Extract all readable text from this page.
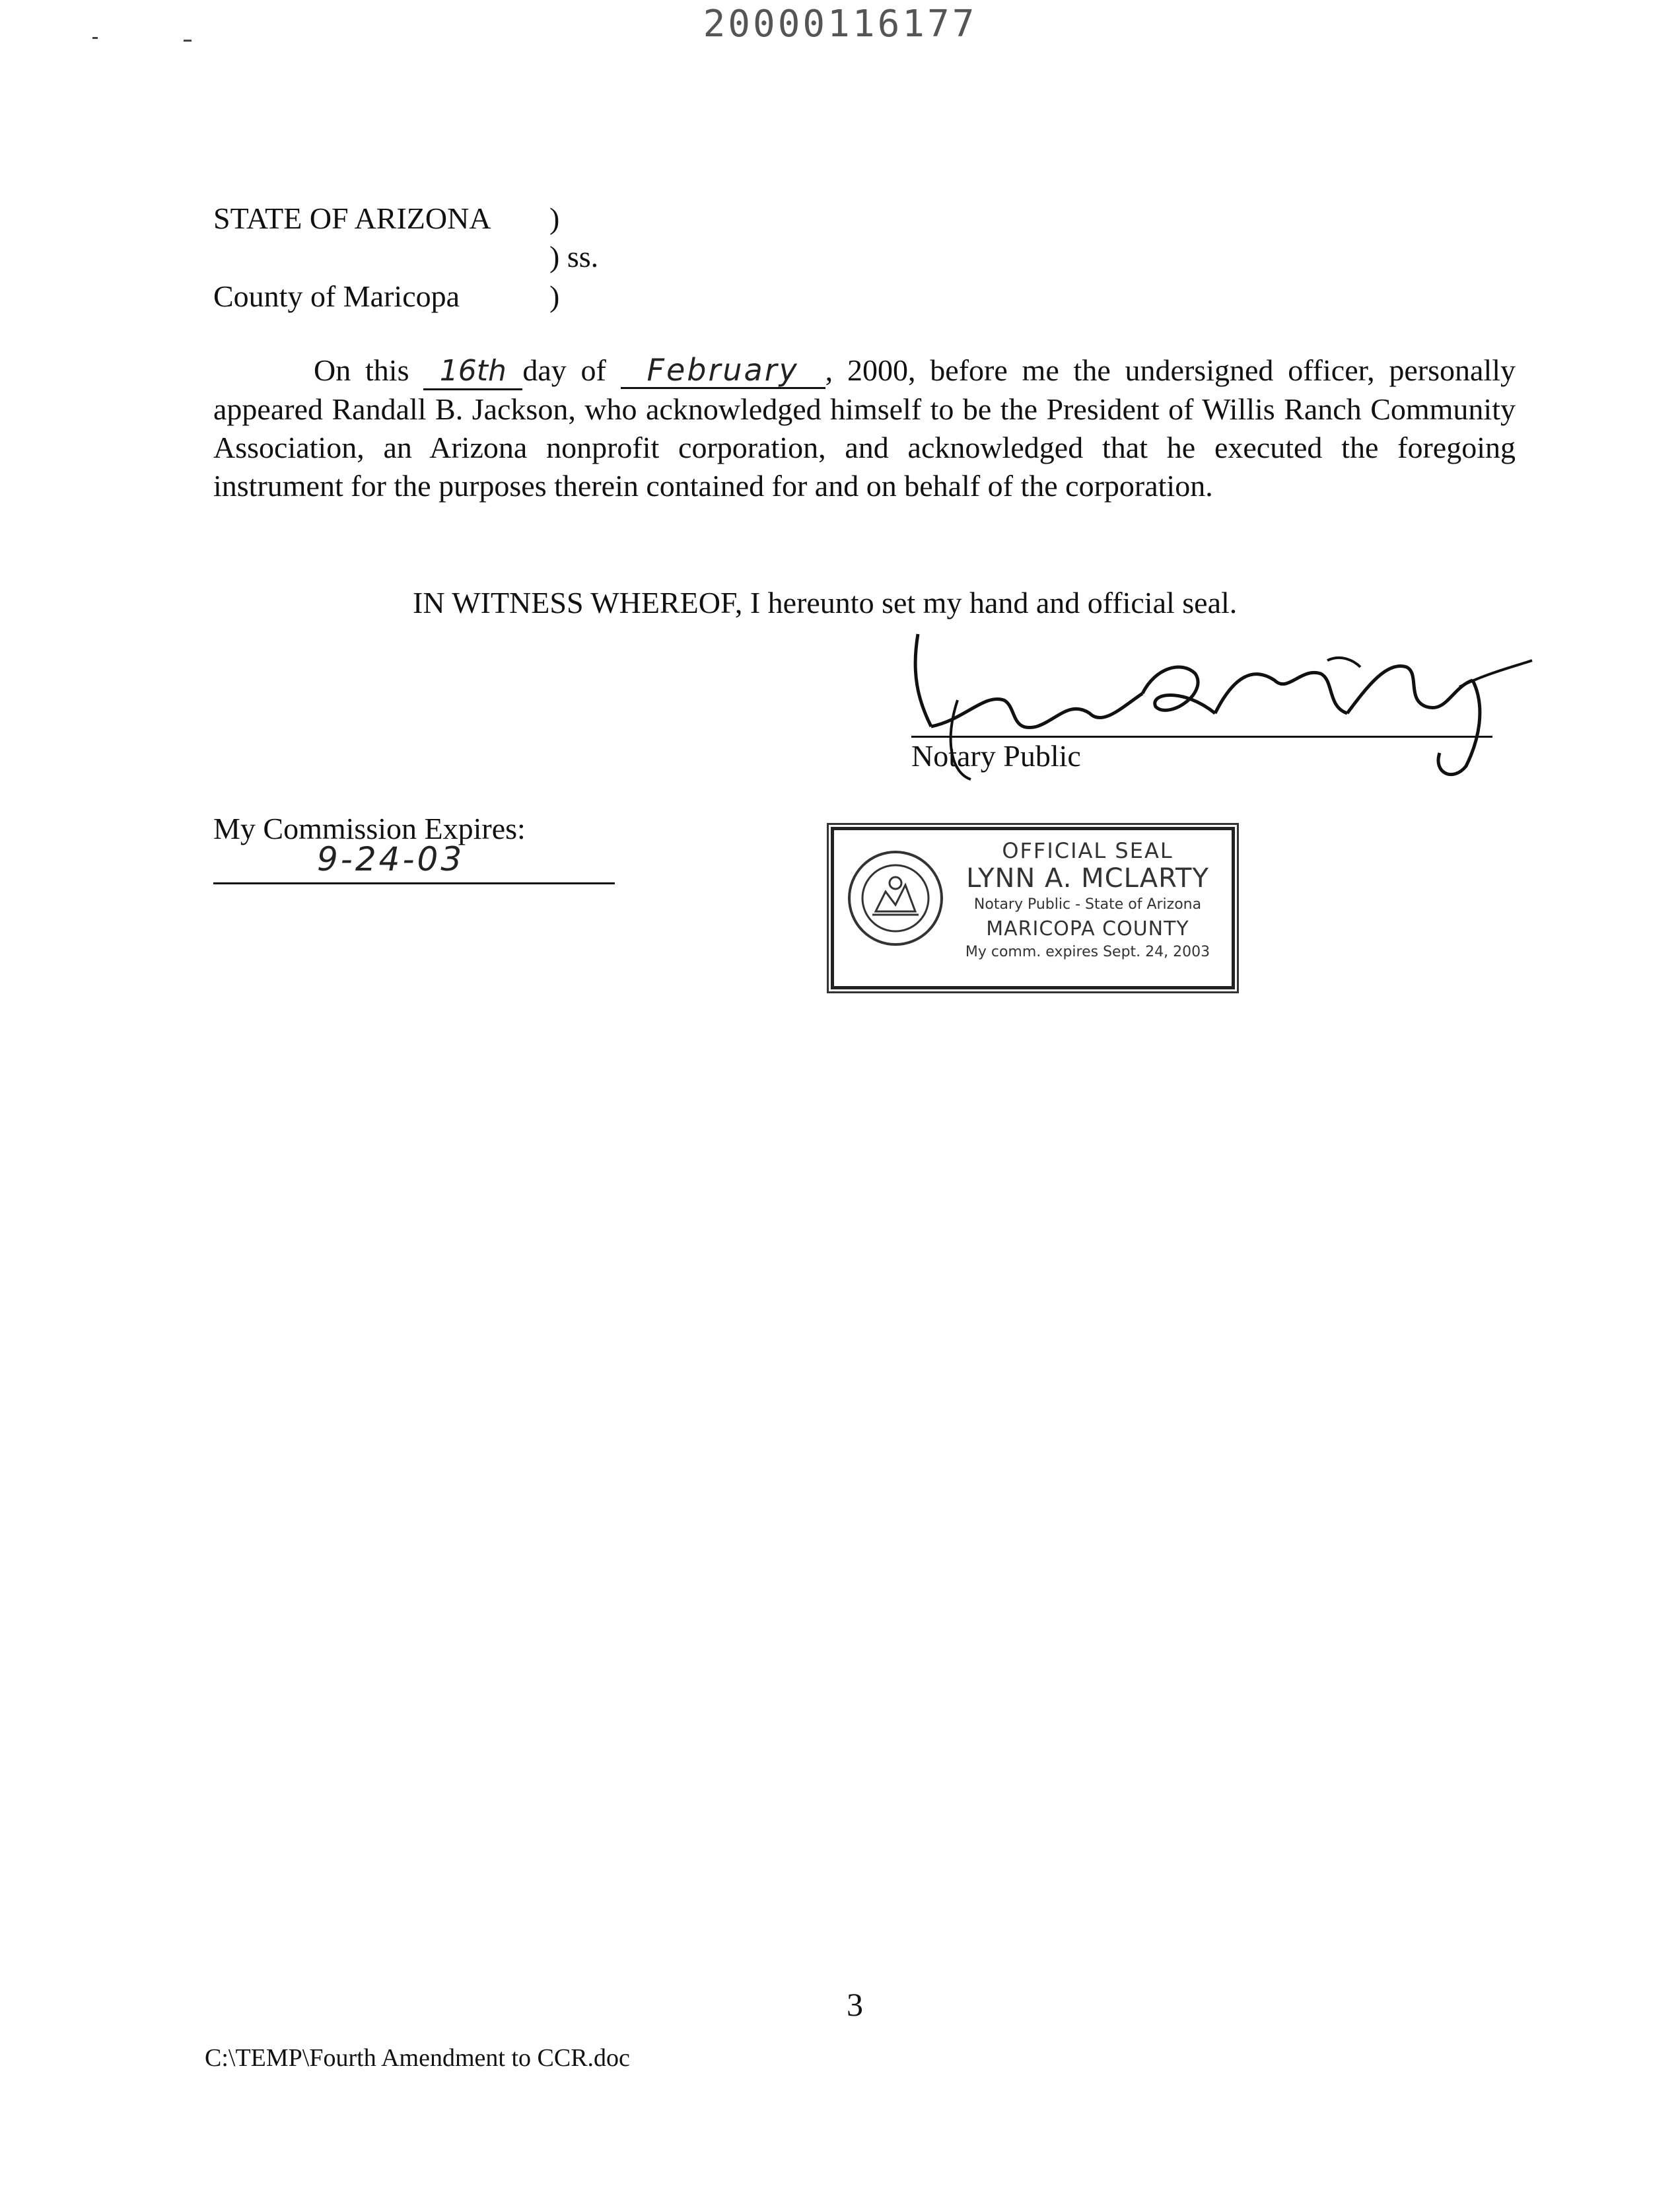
20000116177
STATE OF ARIZONA )
) ss.
County of Maricopa	)
On this 16th day of February , 2000, before me the undersigned officer, personally appeared Randall B. Jackson, who acknowledged himself to be the President of Willis Ranch Community Association, an Arizona nonprofit corporation, and acknowledged that he executed the foregoing instrument for the purposes therein contained for and on behalf of the corporation.
IN WITNESS WHEREOF, I hereunto set my hand and official seal.
Notary Public
My Commission Expires:
9-24-03	OFFICIAL SEAL
LYNN A. MCLARTY
Notary Public - State of Arizona
MARICOPA COUNTY
My comm. expires Sept. 24, 2003
3
C:\TEMP\Fourth Amendment to CCR.doc
